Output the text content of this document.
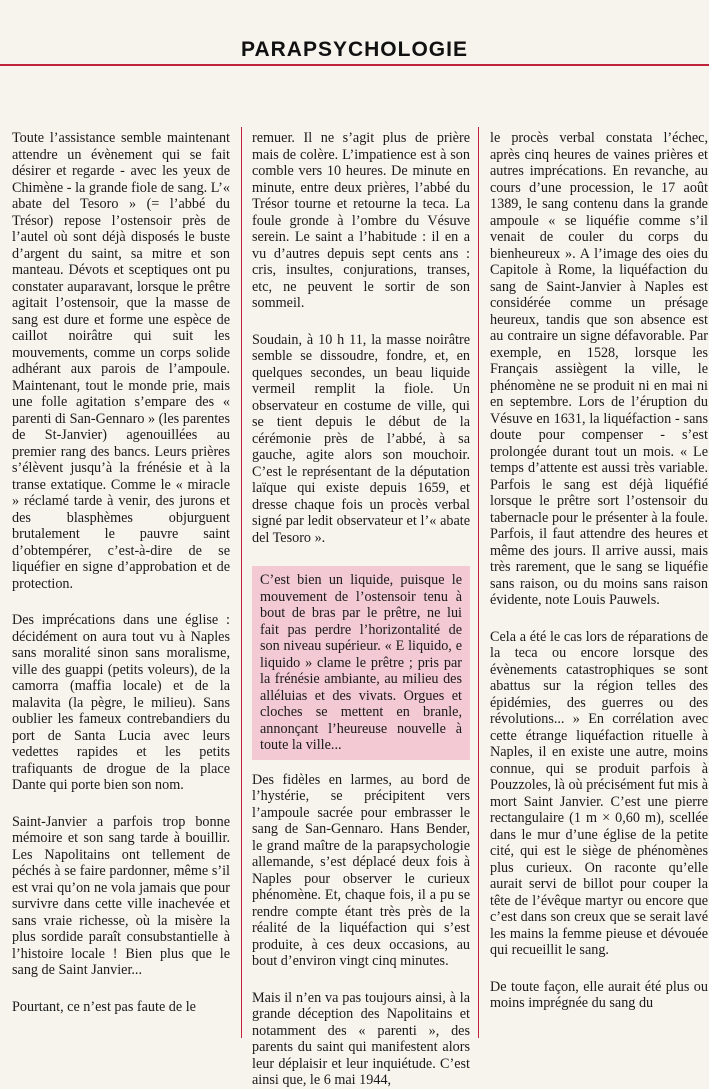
PARAPSYCHOLOGIE

Toute l’assistance semble maintenant attendre un évènement qui se fait désirer et regarde - avec les yeux de Chimène - la grande fiole de sang. L’« abate del Tesoro » (= l’abbé du Trésor) repose l’ostensoir près de l’autel où sont déjà disposés le buste d’argent du saint, sa mitre et son manteau. Dévots et sceptiques ont pu constater auparavant, lorsque le prêtre agitait l’ostensoir, que la masse de sang est dure et forme une espèce de caillot noirâtre qui suit les mouvements, comme un corps solide adhérant aux parois de l’ampoule. Maintenant, tout le monde prie, mais une folle agitation s’empare des « parenti di San-Gennaro » (les parentes de St-Janvier) agenouillées au premier rang des bancs. Leurs prières s’élèvent jusqu’à la frénésie et à la transe extatique. Comme le « miracle » réclamé tarde à venir, des jurons et des blasphèmes objurguent brutalement le pauvre saint d’obtempérer, c’est-à-dire de se liquéfier en signe d’approbation et de protection.

Des imprécations dans une église : décidément on aura tout vu à Naples sans moralité sinon sans moralisme, ville des guappi (petits voleurs), de la camorra (maffia locale) et de la malavita (la pègre, le milieu). Sans oublier les fameux contrebandiers du port de Santa Lucia avec leurs vedettes rapides et les petits trafiquants de drogue de la place Dante qui porte bien son nom.

Saint-Janvier a parfois trop bonne mémoire et son sang tarde à bouillir. Les Napolitains ont tellement de péchés à se faire pardonner, même s’il est vrai qu’on ne vola jamais que pour survivre dans cette ville inachevée et sans vraie richesse, où la misère la plus sordide paraît consubstantielle à l’histoire locale ! Bien plus que le sang de Saint Janvier...

Pourtant, ce n’est pas faute de le

remuer. Il ne s’agit plus de prière mais de colère. L’impatience est à son comble vers 10 heures. De minute en minute, entre deux prières, l’abbé du Trésor tourne et retourne la teca. La foule gronde à l’ombre du Vésuve serein. Le saint a l’habitude : il en a vu d’autres depuis sept cents ans : cris, insultes, conjurations, transes, etc, ne peuvent le sortir de son sommeil.

Soudain, à 10 h 11, la masse noirâtre semble se dissoudre, fondre, et, en quelques secondes, un beau liquide vermeil remplit la fiole. Un observateur en costume de ville, qui se tient depuis le début de la cérémonie près de l’abbé, à sa gauche, agite alors son mouchoir. C’est le représentant de la députation laïque qui existe depuis 1659, et dresse chaque fois un procès verbal signé par ledit observateur et l’« abate del Tesoro ».

C’est bien un liquide, puisque le mouvement de l’ostensoir tenu à bout de bras par le prêtre, ne lui fait pas perdre l’horizontalité de son niveau supérieur. « E liquido, e liquido » clame le prêtre ; pris par la frénésie ambiante, au milieu des alléluias et des vivats. Orgues et cloches se mettent en branle, annonçant l’heureuse nouvelle à toute la ville...

Des fidèles en larmes, au bord de l’hystérie, se précipitent vers l’ampoule sacrée pour embrasser le sang de San-Gennaro. Hans Bender, le grand maître de la parapsychologie allemande, s’est déplacé deux fois à Naples pour observer le curieux phénomène. Et, chaque fois, il a pu se rendre compte étant très près de la réalité de la liquéfaction qui s’est produite, à ces deux occasions, au bout d’environ vingt cinq minutes.

Mais il n’en va pas toujours ainsi, à la grande déception des Napolitains et notamment des « parenti », des parents du saint qui manifestent alors leur déplaisir et leur inquiétude. C’est ainsi que, le 6 mai 1944,

le procès verbal constata l’échec, après cinq heures de vaines prières et autres imprécations. En revanche, au cours d’une procession, le 17 août 1389, le sang contenu dans la grande ampoule « se liquéfie comme s’il venait de couler du corps du bienheureux ». A l’image des oies du Capitole à Rome, la liquéfaction du sang de Saint-Janvier à Naples est considérée comme un présage heureux, tandis que son absence est au contraire un signe défavorable. Par exemple, en 1528, lorsque les Français assiègent la ville, le phénomène ne se produit ni en mai ni en septembre. Lors de l’éruption du Vésuve en 1631, la liquéfaction - sans doute pour compenser - s’est prolongée durant tout un mois. « Le temps d’attente est aussi très variable. Parfois le sang est déjà liquéfié lorsque le prêtre sort l’ostensoir du tabernacle pour le présenter à la foule. Parfois, il faut attendre des heures et même des jours. Il arrive aussi, mais très rarement, que le sang se liquéfie sans raison, ou du moins sans raison évidente, note Louis Pauwels.

Cela a été le cas lors de réparations de la teca ou encore lorsque des évènements catastrophiques se sont abattus sur la région telles des épidémies, des guerres ou des révolutions... » En corrélation avec cette étrange liquéfaction rituelle à Naples, il en existe une autre, moins connue, qui se produit parfois à Pouzzoles, là où précisément fut mis à mort Saint Janvier. C’est une pierre rectangulaire (1 m × 0,60 m), scellée dans le mur d’une église de la petite cité, qui est le siège de phénomènes plus curieux. On raconte qu’elle aurait servi de billot pour couper la tête de l’évêque martyr ou encore que c’est dans son creux que se serait lavé les mains la femme pieuse et dévouée qui recueillit le sang.

De toute façon, elle aurait été plus ou moins imprégnée du sang du
